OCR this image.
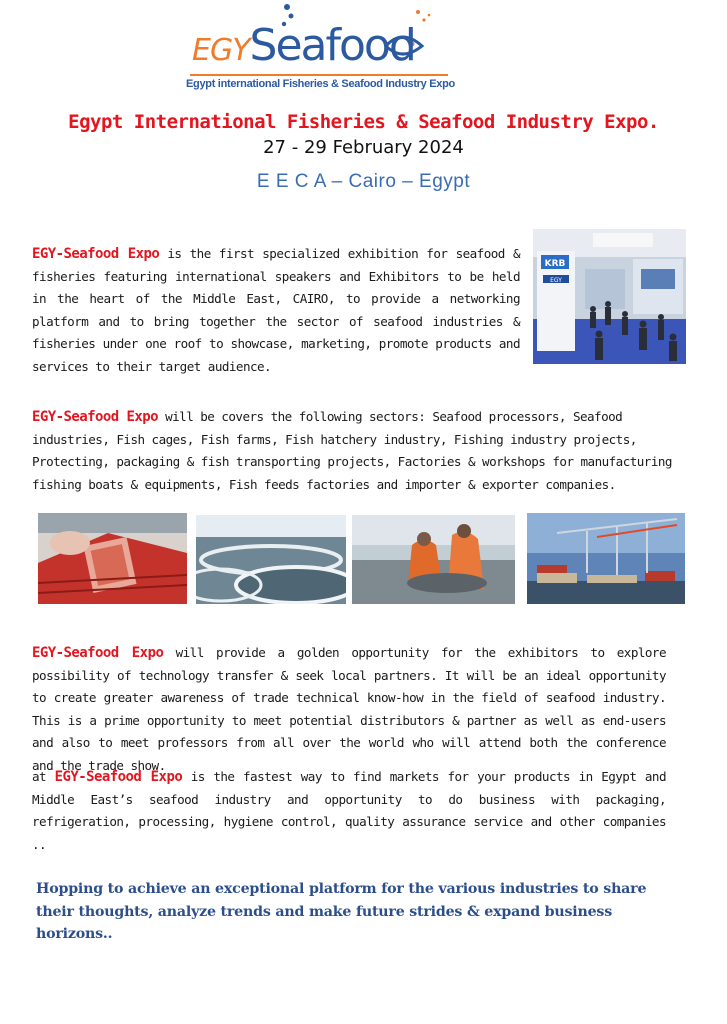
EGYSeafood
Egypt international Fisheries & Seafood Industry Expo
Egypt International Fisheries & Seafood Industry Expo.
27 - 29 February 2024
E E C A – Cairo – Egypt
EGY-Seafood Expo is the first specialized exhibition for seafood & fisheries featuring international speakers and Exhibitors to be held in the heart of the Middle East, CAIRO, to provide a networking platform and to bring together the sector of seafood industries & fisheries under one roof to showcase, marketing, promote products and services to their target audience.
KRB
EGY
EGY-Seafood Expo will be covers the following sectors: Seafood processors, Seafood industries, Fish cages, Fish farms, Fish hatchery industry, Fishing industry projects, Protecting, packaging & fish transporting projects, Factories & workshops for manufacturing fishing boats & equipments, Fish feeds factories and importer & exporter companies.
EGY-Seafood Expo will provide a golden opportunity for the exhibitors to explore possibility of technology transfer & seek local partners. It will be an ideal opportunity to create greater awareness of trade technical know-how in the field of seafood industry. This is a prime opportunity to meet potential distributors & partner as well as end-users and also to meet professors from all over the world who will attend both the conference and the trade show.
at EGY-Seafood Expo is the fastest way to find markets for your products in Egypt and Middle East’s seafood industry and opportunity to do business with packaging, refrigeration, processing, hygiene control, quality assurance service and other companies ..
Hopping to achieve an exceptional platform for the various industries to share their thoughts, analyze trends and make future strides & expand business horizons..
